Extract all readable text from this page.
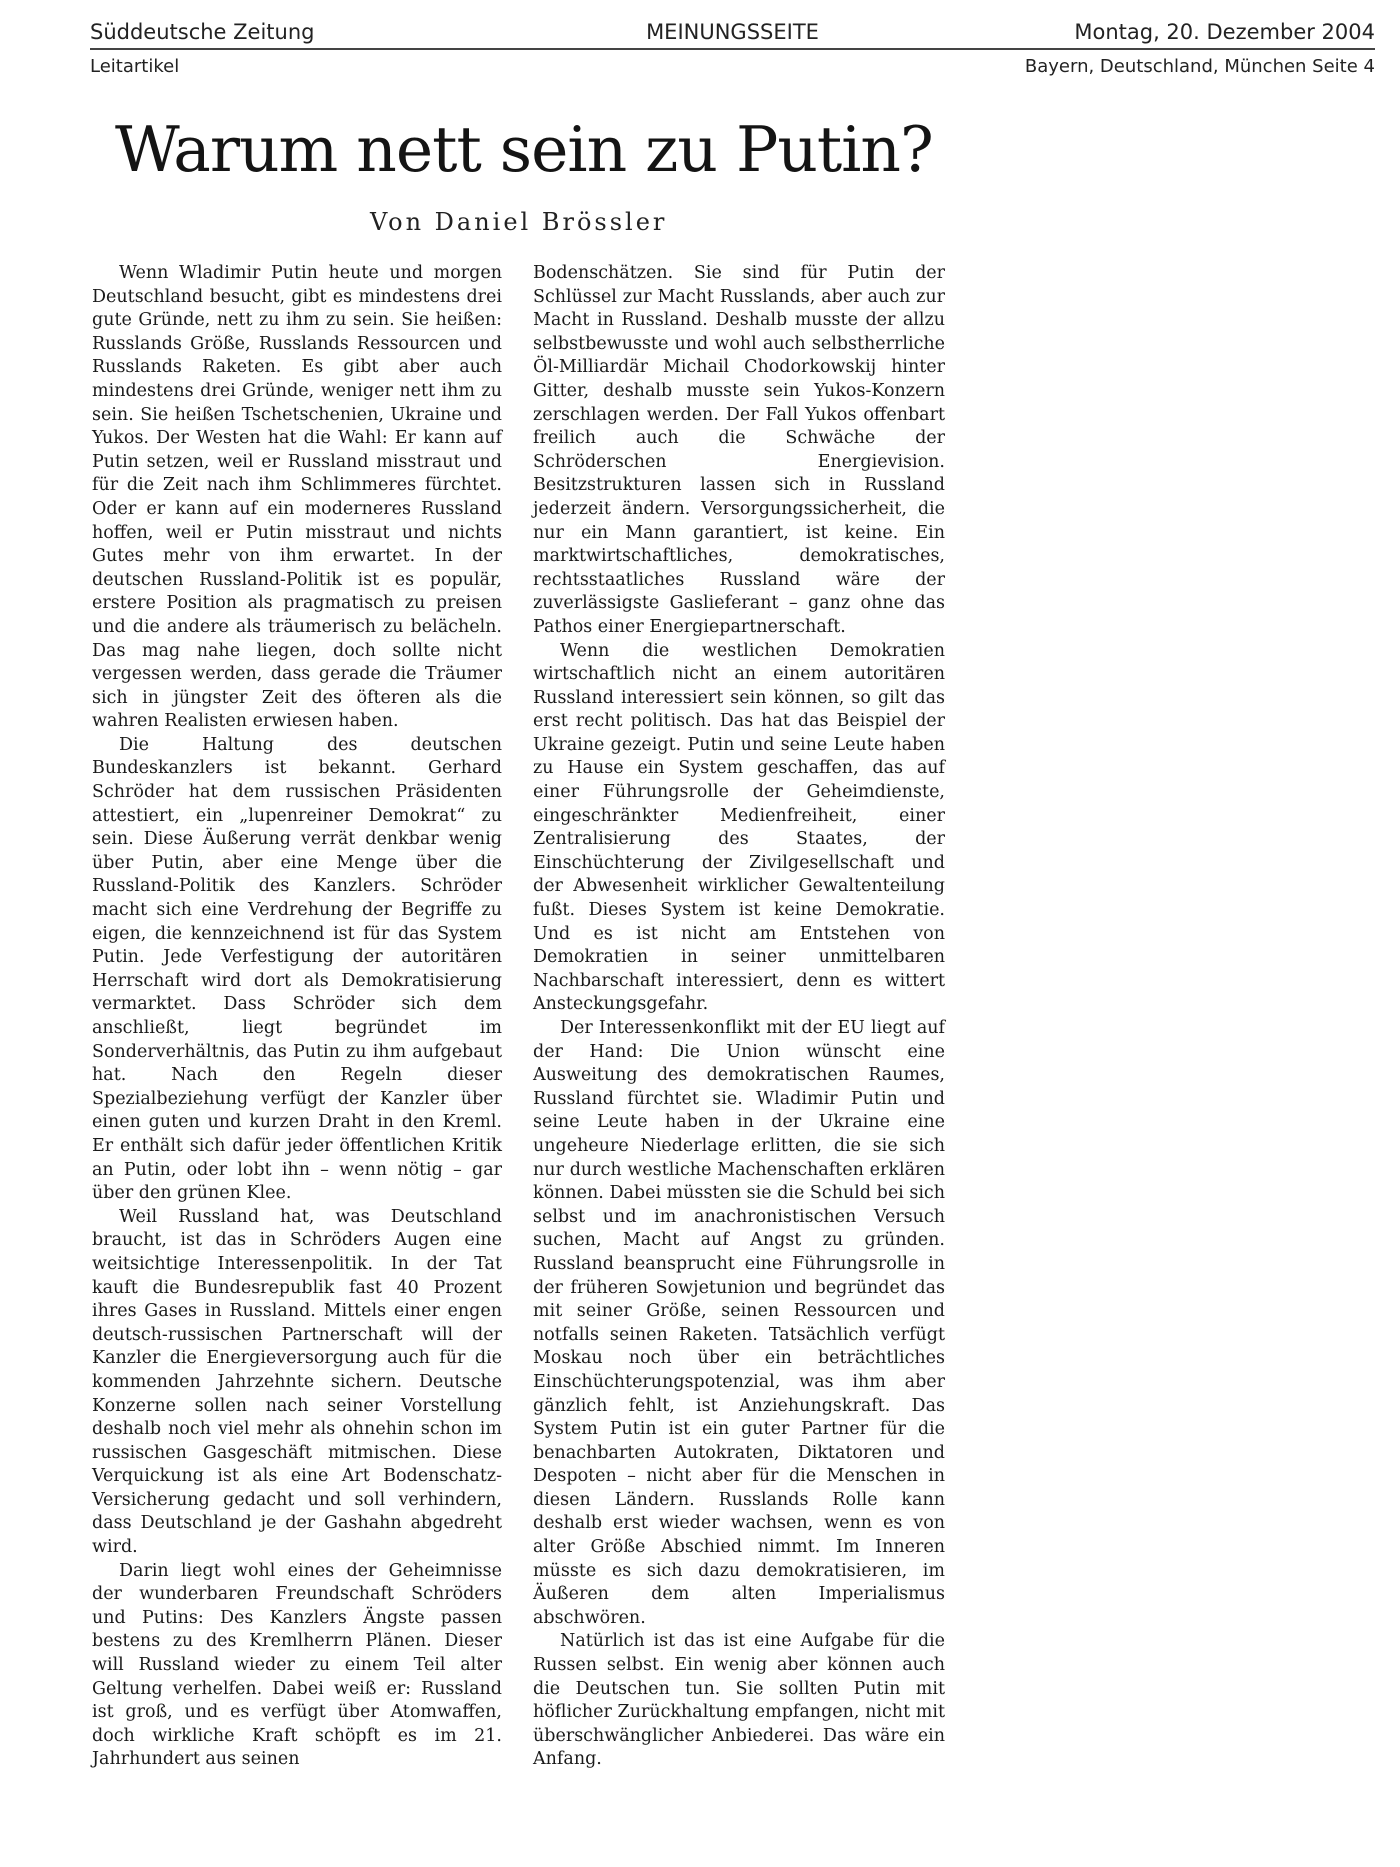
Süddeutsche Zeitung	MEINUNGSSEITE	Montag, 20. Dezember 2004
Leitartikel	Bayern, Deutschland, München Seite 4
Warum nett sein zu Putin?
Von Daniel Brössler

Wenn Wladimir Putin heute und morgen Deutschland besucht, gibt es mindestens drei gute Gründe, nett zu ihm zu sein. Sie heißen: Russlands Größe, Russlands Ressourcen und Russlands Raketen. Es gibt aber auch mindestens drei Gründe, weniger nett ihm zu sein. Sie heißen Tschetschenien, Ukraine und Yukos. Der Westen hat die Wahl: Er kann auf Putin setzen, weil er Russland misstraut und für die Zeit nach ihm Schlimmeres fürchtet. Oder er kann auf ein moderneres Russland hoffen, weil er Putin misstraut und nichts Gutes mehr von ihm erwartet. In der deutschen Russland-Politik ist es populär, erstere Position als pragmatisch zu preisen und die andere als träumerisch zu belächeln. Das mag nahe liegen, doch sollte nicht vergessen werden, dass gerade die Träumer sich in jüngster Zeit des öfteren als die wahren Realisten erwiesen haben.

Die Haltung des deutschen Bundeskanzlers ist bekannt. Gerhard Schröder hat dem russischen Präsidenten attestiert, ein „lupenreiner Demokrat“ zu sein. Diese Äußerung verrät denkbar wenig über Putin, aber eine Menge über die Russland-Politik des Kanzlers. Schröder macht sich eine Verdrehung der Begriffe zu eigen, die kennzeichnend ist für das System Putin. Jede Verfestigung der autoritären Herrschaft wird dort als Demokratisierung vermarktet. Dass Schröder sich dem anschließt, liegt begründet im Sonderverhältnis, das Putin zu ihm aufgebaut hat. Nach den Regeln dieser Spezialbeziehung verfügt der Kanzler über einen guten und kurzen Draht in den Kreml. Er enthält sich dafür jeder öffentlichen Kritik an Putin, oder lobt ihn – wenn nötig – gar über den grünen Klee.

Weil Russland hat, was Deutschland braucht, ist das in Schröders Augen eine weitsichtige Interessenpolitik. In der Tat kauft die Bundesrepublik fast 40 Prozent ihres Gases in Russland. Mittels einer engen deutsch-russischen Partnerschaft will der Kanzler die Energieversorgung auch für die kommenden Jahrzehnte sichern. Deutsche Konzerne sollen nach seiner Vorstellung deshalb noch viel mehr als ohnehin schon im russischen Gasgeschäft mitmischen. Diese Verquickung ist als eine Art Bodenschatz-Versicherung gedacht und soll verhindern, dass Deutschland je der Gashahn abgedreht wird.

Darin liegt wohl eines der Geheimnisse der wunderbaren Freundschaft Schröders und Putins: Des Kanzlers Ängste passen bestens zu des Kremlherrn Plänen. Dieser will Russland wieder zu einem Teil alter Geltung verhelfen. Dabei weiß er: Russland ist groß, und es verfügt über Atomwaffen, doch wirkliche Kraft schöpft es im 21. Jahrhundert aus seinen

Bodenschätzen. Sie sind für Putin der Schlüssel zur Macht Russlands, aber auch zur Macht in Russland. Deshalb musste der allzu selbstbewusste und wohl auch selbstherrliche Öl-Milliardär Michail Chodorkowskij hinter Gitter, deshalb musste sein Yukos-Konzern zerschlagen werden. Der Fall Yukos offenbart freilich auch die Schwäche der Schröderschen Energievision. Besitzstrukturen lassen sich in Russland jederzeit ändern. Versorgungssicherheit, die nur ein Mann garantiert, ist keine. Ein marktwirtschaftliches, demokratisches, rechtsstaatliches Russland wäre der zuverlässigste Gaslieferant – ganz ohne das Pathos einer Energiepartnerschaft.

Wenn die westlichen Demokratien wirtschaftlich nicht an einem autoritären Russland interessiert sein können, so gilt das erst recht politisch. Das hat das Beispiel der Ukraine gezeigt. Putin und seine Leute haben zu Hause ein System geschaffen, das auf einer Führungsrolle der Geheimdienste, eingeschränkter Medienfreiheit, einer Zentralisierung des Staates, der Einschüchterung der Zivilgesellschaft und der Abwesenheit wirklicher Gewaltenteilung fußt. Dieses System ist keine Demokratie. Und es ist nicht am Entstehen von Demokratien in seiner unmittelbaren Nachbarschaft interessiert, denn es wittert Ansteckungsgefahr.

Der Interessenkonflikt mit der EU liegt auf der Hand: Die Union wünscht eine Ausweitung des demokratischen Raumes, Russland fürchtet sie. Wladimir Putin und seine Leute haben in der Ukraine eine ungeheure Niederlage erlitten, die sie sich nur durch westliche Machenschaften erklären können. Dabei müssten sie die Schuld bei sich selbst und im anachronistischen Versuch suchen, Macht auf Angst zu gründen. Russland beansprucht eine Führungsrolle in der früheren Sowjetunion und begründet das mit seiner Größe, seinen Ressourcen und notfalls seinen Raketen. Tatsächlich verfügt Moskau noch über ein beträchtliches Einschüchterungspotenzial, was ihm aber gänzlich fehlt, ist Anziehungskraft. Das System Putin ist ein guter Partner für die benachbarten Autokraten, Diktatoren und Despoten – nicht aber für die Menschen in diesen Ländern. Russlands Rolle kann deshalb erst wieder wachsen, wenn es von alter Größe Abschied nimmt. Im Inneren müsste es sich dazu demokratisieren, im Äußeren dem alten Imperialismus abschwören.

Natürlich ist das ist eine Aufgabe für die Russen selbst. Ein wenig aber können auch die Deutschen tun. Sie sollten Putin mit höflicher Zurückhaltung empfangen, nicht mit überschwänglicher Anbiederei. Das wäre ein Anfang.
